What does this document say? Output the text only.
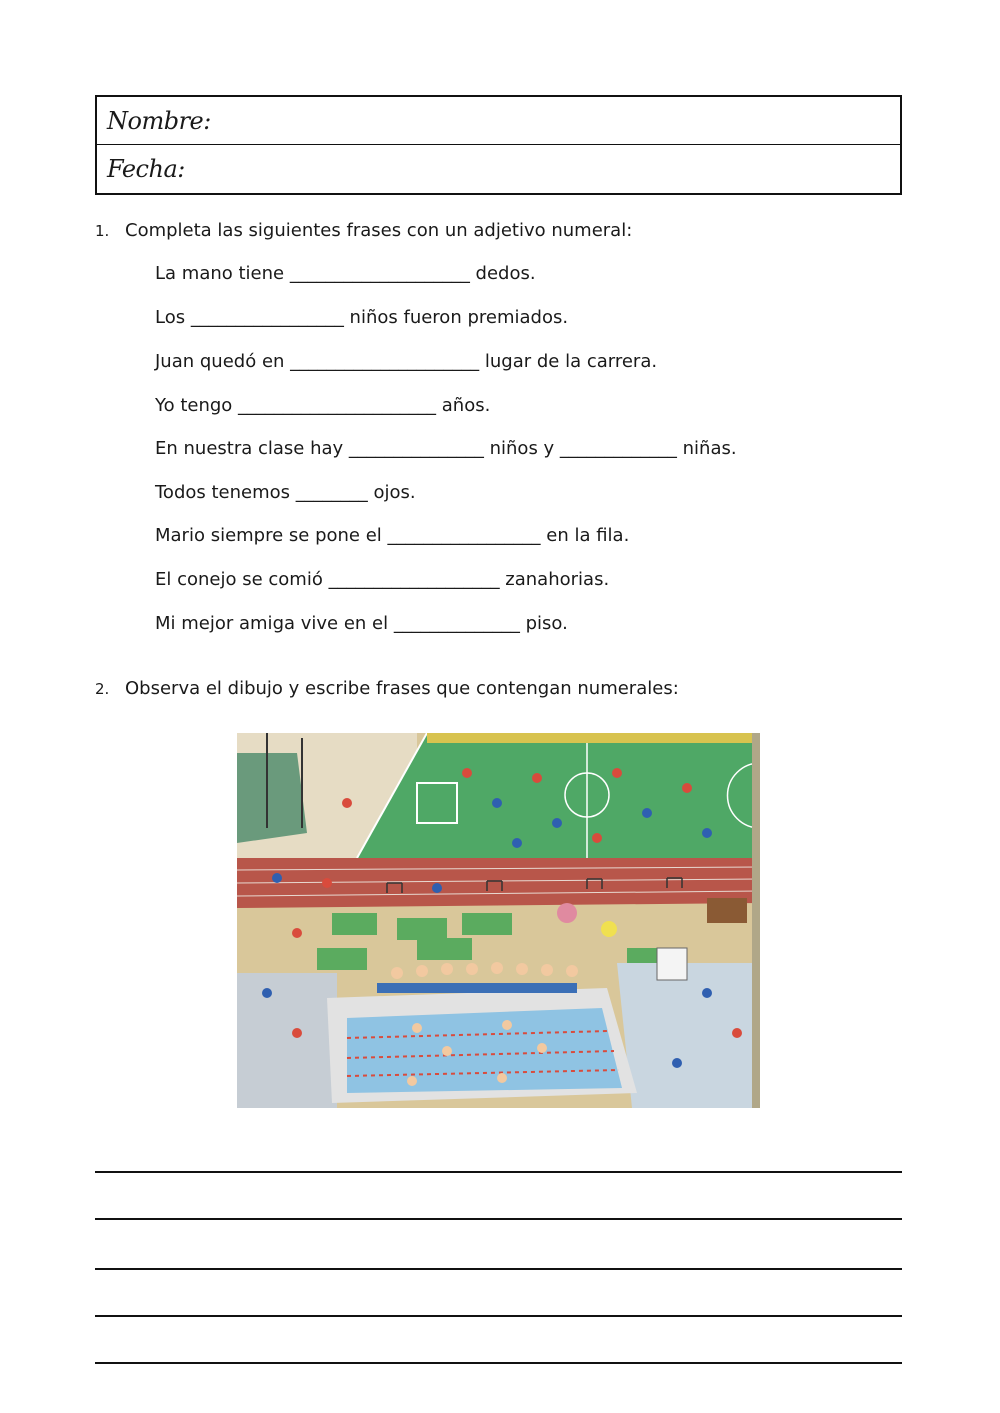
Nombre:
Fecha:
1. Completa las siguientes frases con un adjetivo numeral:
La mano tiene ____________________ dedos.
Los _________________ niños fueron premiados.
Juan quedó en _____________________ lugar de la carrera.
Yo tengo ______________________ años.
En nuestra clase hay _______________ niños y _____________ niñas.
Todos tenemos ________ ojos.
Mario siempre se pone el _________________ en la fila.
El conejo se comió ___________________ zanahorias.
Mi mejor amiga vive en el ______________ piso.
2. Observa el dibujo y escribe frases que contengan numerales:
